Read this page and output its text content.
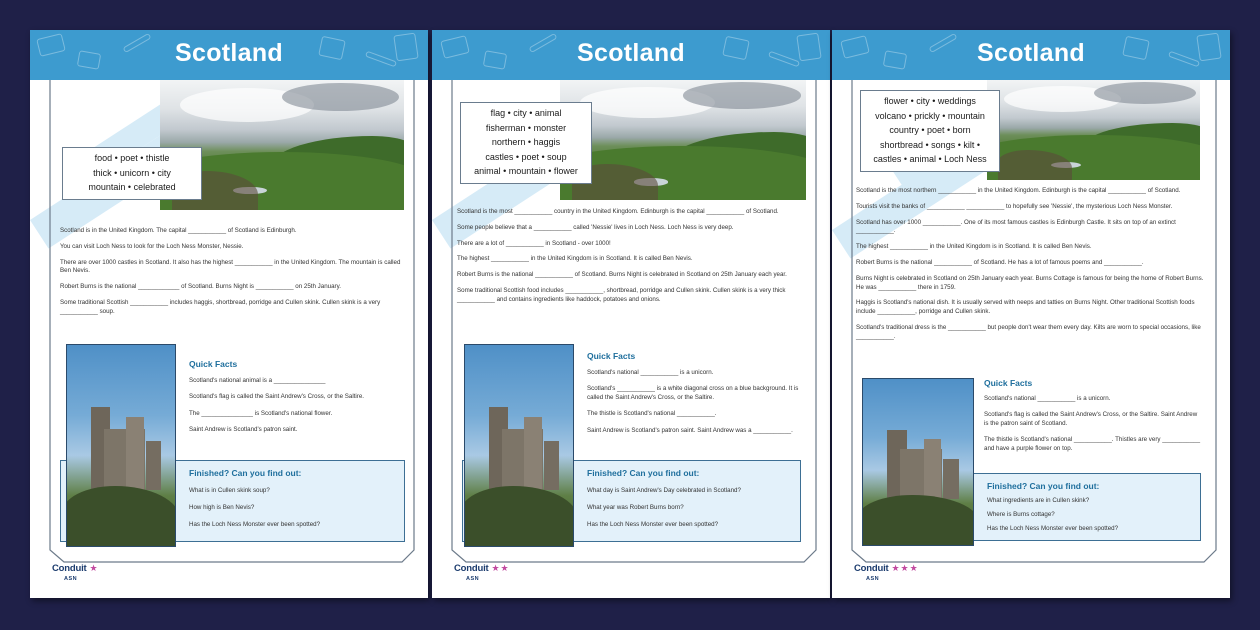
Scotland
food • poet • thistle
thick • unicorn • city
mountain • celebrated

Scotland is in the United Kingdom. The capital ___________ of Scotland is Edinburgh.

You can visit Loch Ness to look for the Loch Ness Monster, Nessie.

There are over 1000 castles in Scotland. It also has the highest ___________ in the United Kingdom. The mountain is called Ben Nevis.

Robert Burns is the national ____________ of Scotland. Burns Night is ___________ on 25th January.

Some traditional Scottish ___________ includes haggis, shortbread, porridge and Cullen skink. Cullen skink is a very ___________ soup.

Quick Facts

Scotland's national animal is a _______________

Scotland's flag is called the Saint Andrew's Cross, or the Saltire.

The _______________ is Scotland's national flower.

Saint Andrew is Scotland's patron saint.

Finished? Can you find out:

What is in Cullen skink soup?

How high is Ben Nevis?

Has the Loch Ness Monster ever been spotted?

Conduit ★
ASN
Scotland
flag • city • animal
fisherman • monster
northern • haggis
castles • poet • soup
animal • mountain • flower

Scotland is the most ___________ country in the United Kingdom. Edinburgh is the capital ___________ of Scotland.

Some people believe that a ___________ called 'Nessie' lives in Loch Ness. Loch Ness is very deep.

There are a lot of ___________ in Scotland - over 1000!

The highest ___________ in the United Kingdom is in Scotland. It is called Ben Nevis.

Robert Burns is the national ___________ of Scotland. Burns Night is celebrated in Scotland on 25th January each year.

Some traditional Scottish food includes ___________, shortbread, porridge and Cullen skink. Cullen skink is a very thick ___________ and contains ingredients like haddock, potatoes and onions.

Quick Facts

Scotland's national ___________ is a unicorn.

Scotland's ___________ is a white diagonal cross on a blue background. It is called the Saint Andrew's Cross, or the Saltire.

The thistle is Scotland's national ___________.

Saint Andrew is Scotland's patron saint. Saint Andrew was a ___________.

Finished? Can you find out:

What day is Saint Andrew's Day celebrated in Scotland?

What year was Robert Burns born?

Has the Loch Ness Monster ever been spotted?

Conduit ★★
ASN
Scotland
flower • city • weddings
volcano • prickly • mountain
country • poet • born
shortbread • songs • kilt •
castles • animal • Loch Ness

Scotland is the most northern ___________ in the United Kingdom. Edinburgh is the capital ___________ of Scotland.

Tourists visit the banks of ___________ ___________ to hopefully see 'Nessie', the mysterious Loch Ness Monster.

Scotland has over 1000 ___________. One of its most famous castles is Edinburgh Castle. It sits on top of an extinct ___________.

The highest ___________ in the United Kingdom is in Scotland. It is called Ben Nevis.

Robert Burns is the national ___________ of Scotland. He has a lot of famous poems and ___________.

Burns Night is celebrated in Scotland on 25th January each year. Burns Cottage is famous for being the home of Robert Burns. He was ___________ there in 1759.

Haggis is Scotland's national dish. It is usually served with neeps and tatties on Burns Night. Other traditional Scottish foods include ___________, porridge and Cullen skink.

Scotland's traditional dress is the ___________ but people don't wear them every day. Kilts are worn to special occasions, like ___________.

Quick Facts

Scotland's national ___________ is a unicorn.

Scotland's flag is called the Saint Andrew's Cross, or the Saltire. Saint Andrew is the patron saint of Scotland.

The thistle is Scotland's national ___________. Thistles are very ___________ and have a purple flower on top.

Finished? Can you find out:

What ingredients are in Cullen skink?

Where is Burns cottage?

Has the Loch Ness Monster ever been spotted?

Conduit ★★★
ASN
